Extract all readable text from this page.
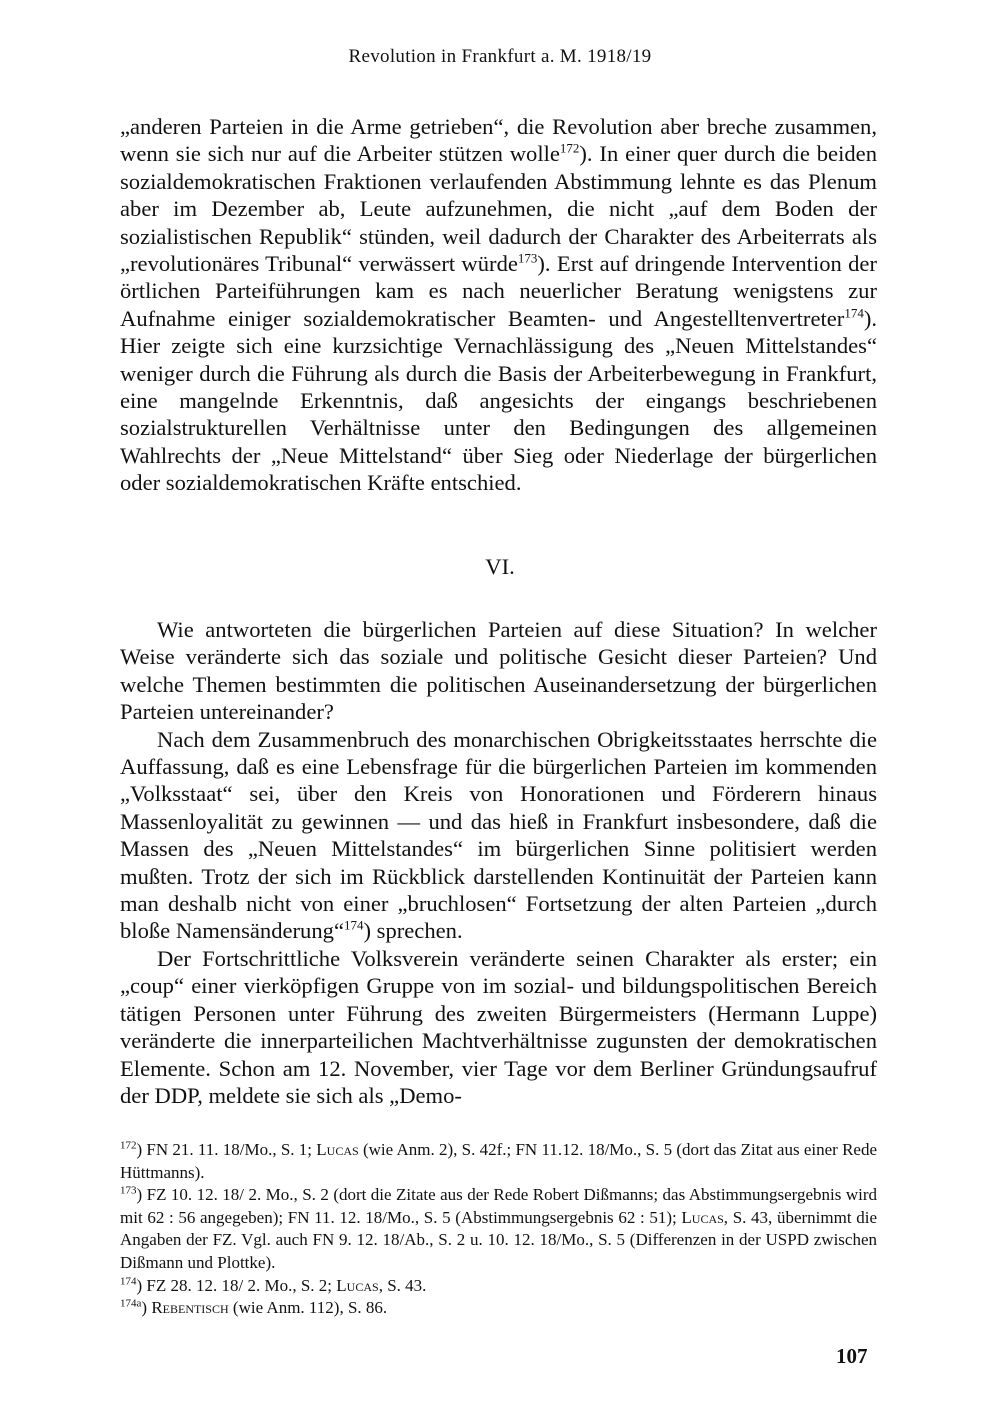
Revolution in Frankfurt a. M. 1918/19

„anderen Parteien in die Arme getrieben“, die Revolution aber breche zusammen, wenn sie sich nur auf die Arbeiter stützen wolle$^{172}$). In einer quer durch die beiden sozialdemokratischen Fraktionen verlaufenden Abstimmung lehnte es das Plenum aber im Dezember ab, Leute aufzunehmen, die nicht „auf dem Boden der sozialistischen Republik“ stünden, weil dadurch der Charakter des Arbeiterrats als „revolutionäres Tribunal“ verwässert würde$^{173}$). Erst auf dringende Intervention der örtlichen Parteiführungen kam es nach neuerlicher Beratung wenigstens zur Aufnahme einiger sozialdemokratischer Beamten- und Angestelltenvertreter$^{174}$). Hier zeigte sich eine kurzsichtige Vernachlässigung des „Neuen Mittelstandes“ weniger durch die Führung als durch die Basis der Arbeiterbewegung in Frankfurt, eine mangelnde Erkenntnis, daß angesichts der eingangs beschriebenen sozialstrukturellen Verhältnisse unter den Bedingungen des allgemeinen Wahlrechts der „Neue Mittelstand“ über Sieg oder Niederlage der bürgerlichen oder sozialdemokratischen Kräfte entschied.

VI.

Wie antworteten die bürgerlichen Parteien auf diese Situation? In welcher Weise veränderte sich das soziale und politische Gesicht dieser Parteien? Und welche Themen bestimmten die politischen Auseinandersetzung der bürgerlichen Parteien untereinander?

Nach dem Zusammenbruch des monarchischen Obrigkeitsstaates herrschte die Auffassung, daß es eine Lebensfrage für die bürgerlichen Parteien im kommenden „Volksstaat“ sei, über den Kreis von Honorationen und Förderern hinaus Massenloyalität zu gewinnen — und das hieß in Frankfurt insbesondere, daß die Massen des „Neuen Mittelstandes“ im bürgerlichen Sinne politisiert werden mußten. Trotz der sich im Rückblick darstellenden Kontinuität der Parteien kann man deshalb nicht von einer „bruchlosen“ Fortsetzung der alten Parteien „durch bloße Namensänderung“$^{174}$) sprechen.

Der Fortschrittliche Volksverein veränderte seinen Charakter als erster; ein „coup“ einer vierköpfigen Gruppe von im sozial- und bildungspolitischen Bereich tätigen Personen unter Führung des zweiten Bürgermeisters (Hermann Luppe) veränderte die innerparteilichen Machtverhältnisse zugunsten der demokratischen Elemente. Schon am 12. November, vier Tage vor dem Berliner Gründungsaufruf der DDP, meldete sie sich als „Demo-

$^{172}$) FN 21. 11. 18/Mo., S. 1; Lucas (wie Anm. 2), S. 42f.; FN 11.12. 18/Mo., S. 5 (dort das Zitat aus einer Rede Hüttmanns).

$^{173}$) FZ 10. 12. 18/ 2. Mo., S. 2 (dort die Zitate aus der Rede Robert Dißmanns; das Abstimmungsergebnis wird mit 62 : 56 angegeben); FN 11. 12. 18/Mo., S. 5 (Abstimmungsergebnis 62 : 51); Lucas, S. 43, übernimmt die Angaben der FZ. Vgl. auch FN 9. 12. 18/Ab., S. 2 u. 10. 12. 18/Mo., S. 5 (Differenzen in der USPD zwischen Dißmann und Plottke).

$^{174}$) FZ 28. 12. 18/ 2. Mo., S. 2; Lucas, S. 43.

$^{174a}$) Rebentisch (wie Anm. 112), S. 86.

107
